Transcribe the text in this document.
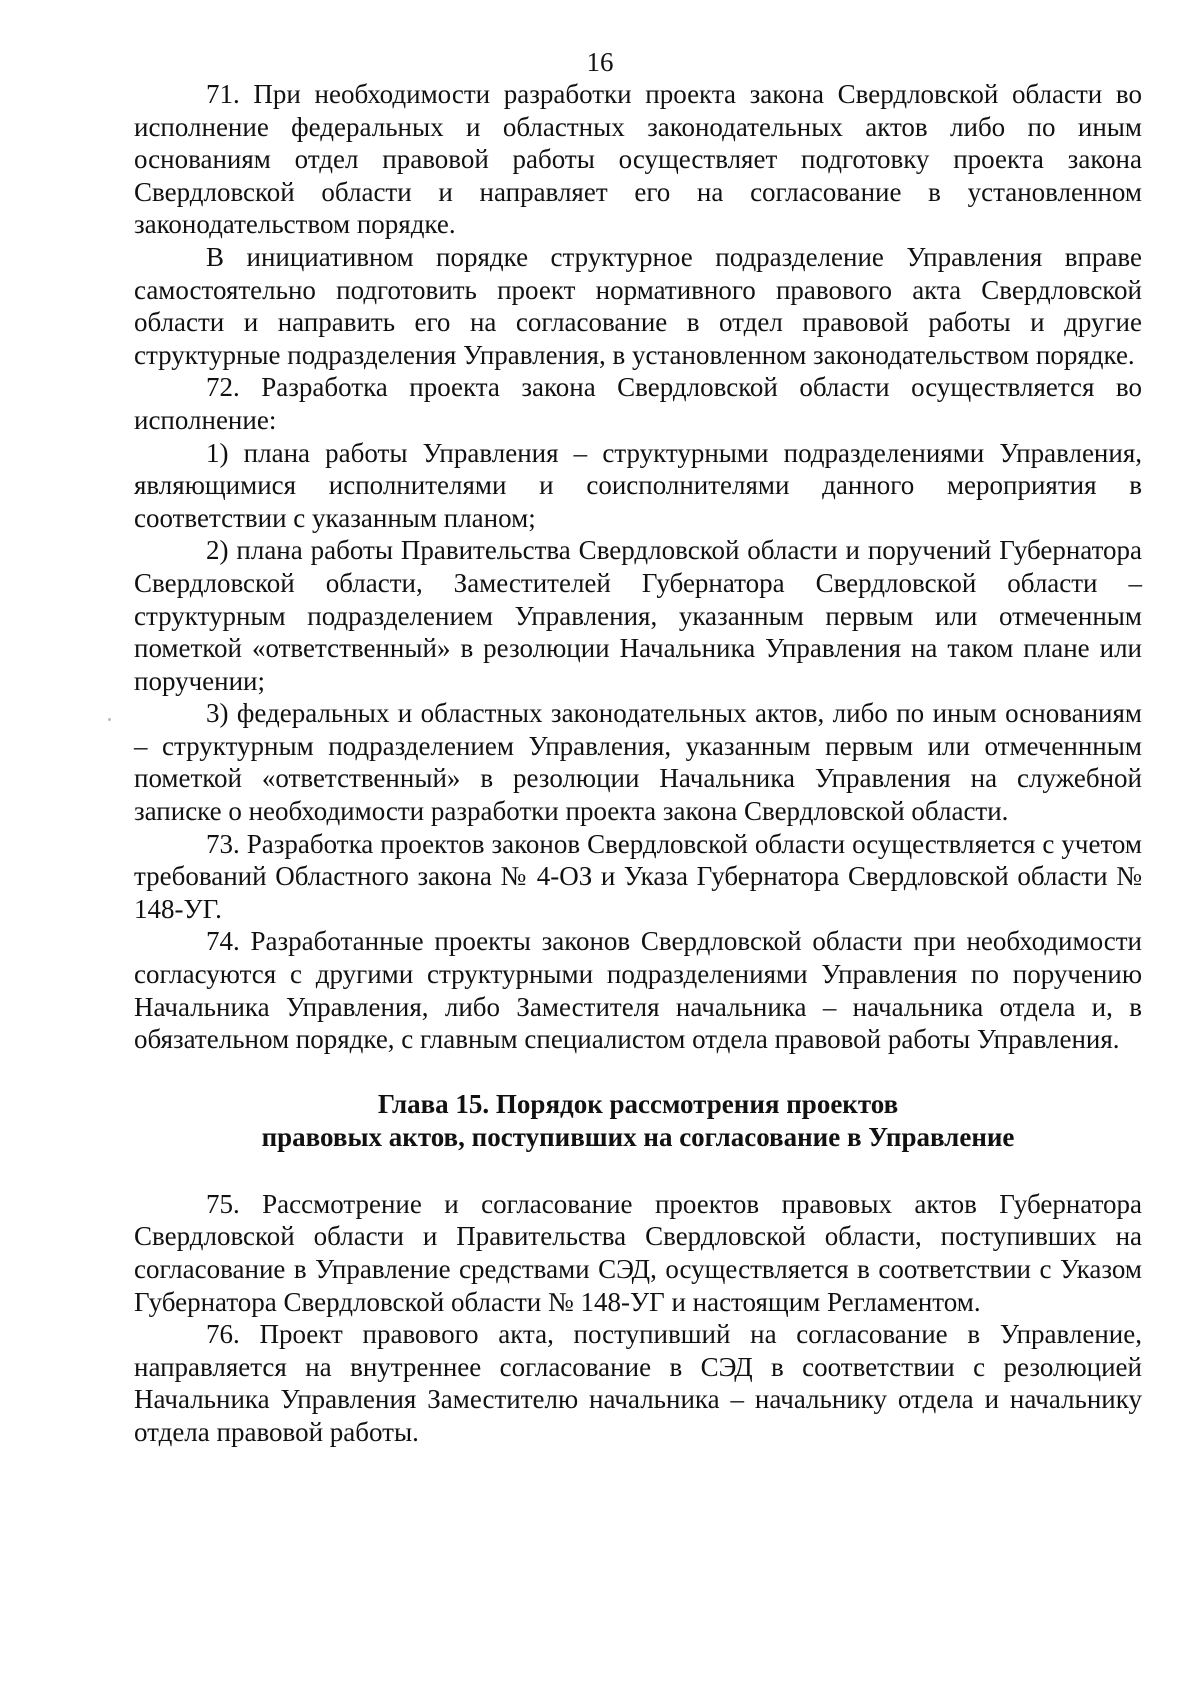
16

71. При необходимости разработки проекта закона Свердловской области во исполнение федеральных и областных законодательных актов либо по иным основаниям отдел правовой работы осуществляет подготовку проекта закона Свердловской области и направляет его на согласование в установленном законодательством порядке.

В инициативном порядке структурное подразделение Управления вправе самостоятельно подготовить проект нормативного правового акта Свердловской области и направить его на согласование в отдел правовой работы и другие структурные подразделения Управления, в установленном законодательством порядке.

72. Разработка проекта закона Свердловской области осуществляется во исполнение:

1) плана работы Управления – структурными подразделениями Управления, являющимися исполнителями и соисполнителями данного мероприятия в соответствии с указанным планом;

2) плана работы Правительства Свердловской области и поручений Губернатора Свердловской области, Заместителей Губернатора Свердловской области – структурным подразделением Управления, указанным первым или отмеченным пометкой «ответственный» в резолюции Начальника Управления на таком плане или поручении;

3) федеральных и областных законодательных актов, либо по иным основаниям – структурным подразделением Управления, указанным первым или отмеченнным пометкой «ответственный» в резолюции Начальника Управления на служебной записке о необходимости разработки проекта закона Свердловской области.

73. Разработка проектов законов Свердловской области осуществляется с учетом требований Областного закона № 4-ОЗ и Указа Губернатора Свердловской области № 148-УГ.

74. Разработанные проекты законов Свердловской области при необходимости согласуются с другими структурными подразделениями Управления по поручению Начальника Управления, либо Заместителя начальника – начальника отдела и, в обязательном порядке, с главным специалистом отдела правовой работы Управления.

Глава 15. Порядок рассмотрения проектов
правовых актов, поступивших на согласование в Управление

75. Рассмотрение и согласование проектов правовых актов Губернатора Свердловской области и Правительства Свердловской области, поступивших на согласование в Управление средствами СЭД, осуществляется в соответствии с Указом Губернатора Свердловской области № 148-УГ и настоящим Регламентом.

76. Проект правового акта, поступивший на согласование в Управление, направляется на внутреннее согласование в СЭД в соответствии с резолюцией Начальника Управления Заместителю начальника – начальнику отдела и начальнику отдела правовой работы.
